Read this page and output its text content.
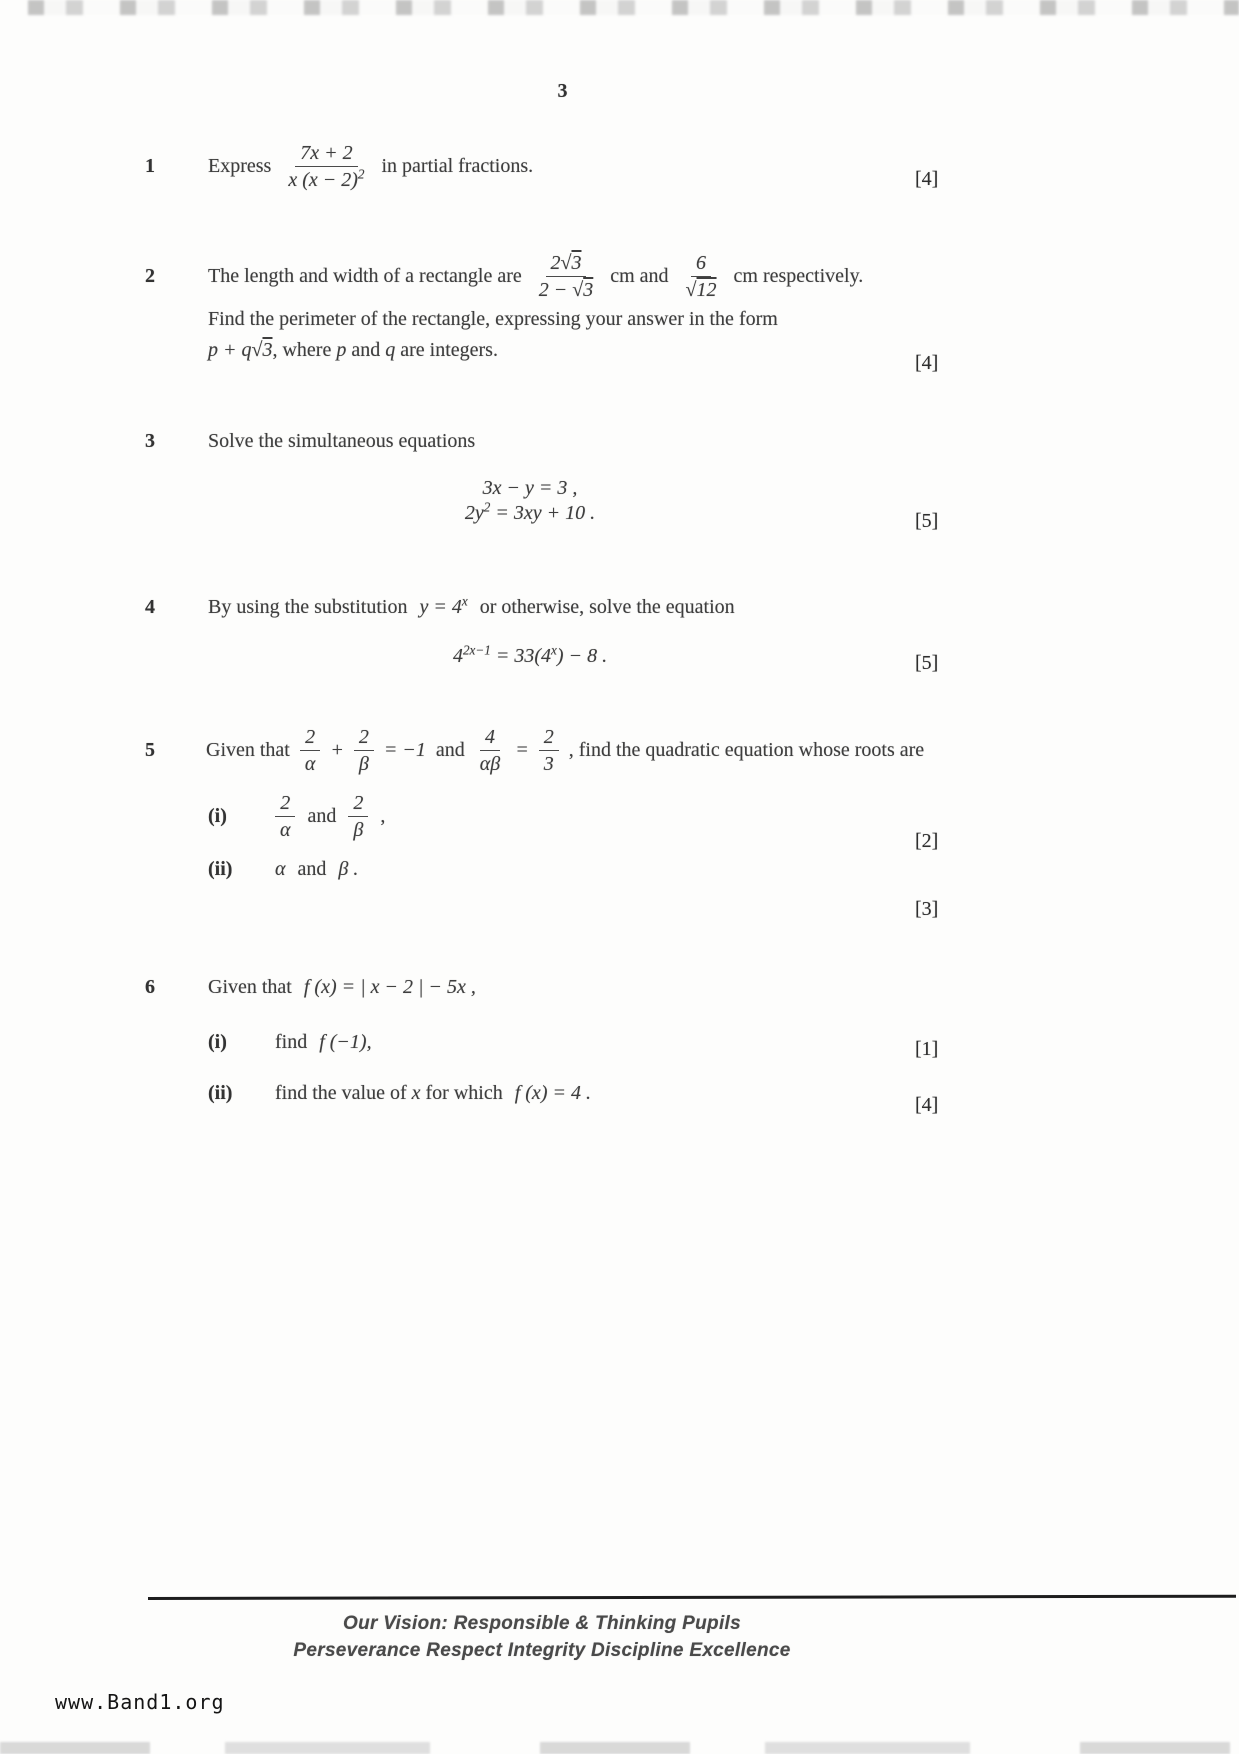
3
1	Express $\frac{7x + 2}{x (x - 2)^2}$ in partial fractions.
[4]
2	The length and width of a rectangle are $\frac{2√3}{2 - √3}$ cm and $\frac{6}{√12}$ cm respectively.
Find the perimeter of the rectangle, expressing your answer in the form
p + q√3, where p and q are integers.
[4]
3	Solve the simultaneous equations
3x − y = 3 ,
$2y^2 = 3xy + 10$ .	[5]
4	By using the substitution $y = 4^x$ or otherwise, solve the equation
$4^{2x-1} = 33(4^x) - 8$ .	[5]
5	Given that $\frac{2}{\alpha} + \frac{2}{\beta} = -1$ and $\frac{4}{\alpha\beta} = \frac{2}{3}$ , find the quadratic equation whose roots are
(i)	$\frac{2}{\alpha}$ and $\frac{2}{\beta}$ ,
(ii)	α and β .
[2]
[3]
6	Given that f (x) = | x − 2 | − 5x ,
(i)	find f (−1),
(ii)	find the value of x for which f (x) = 4 .
[1]
[4]
Our Vision: Responsible & Thinking Pupils
Perseverance Respect Integrity Discipline Excellence
www.Band1.org
